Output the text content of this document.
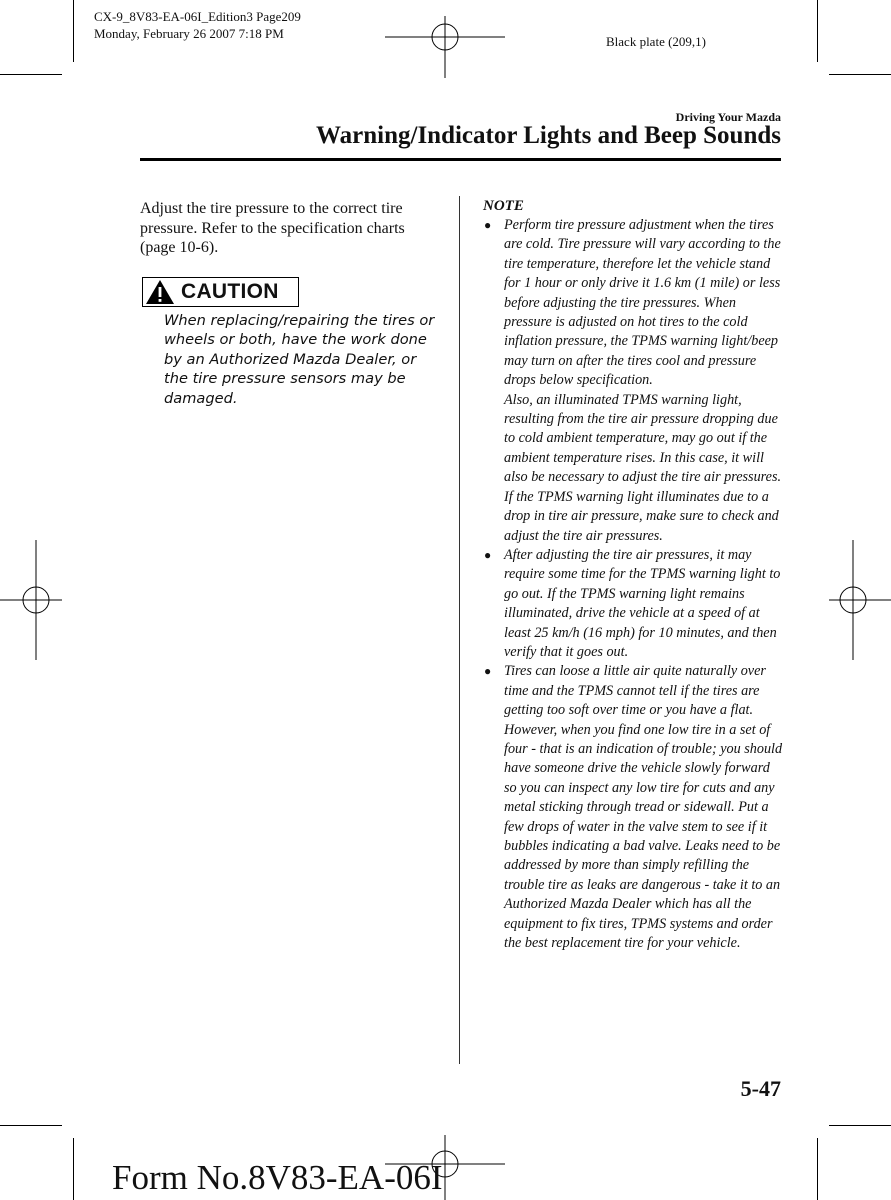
CX-9_8V83-EA-06I_Edition3 Page209
Monday, February 26 2007 7:18 PM
Black plate (209,1)
Driving Your Mazda
Warning/Indicator Lights and Beep Sounds
Adjust the tire pressure to the correct tire pressure. Refer to the specification charts (page 10-6).
CAUTION
When replacing/repairing the tires or wheels or both, have the work done by an Authorized Mazda Dealer, or the tire pressure sensors may be damaged.
NOTE
● Perform tire pressure adjustment when the tires are cold. Tire pressure will vary according to the tire temperature, therefore let the vehicle stand for 1 hour or only drive it 1.6 km (1 mile) or less before adjusting the tire pressures. When pressure is adjusted on hot tires to the cold inflation pressure, the TPMS warning light/beep may turn on after the tires cool and pressure drops below specification.

Also, an illuminated TPMS warning light, resulting from the tire air pressure dropping due to cold ambient temperature, may go out if the ambient temperature rises. In this case, it will also be necessary to adjust the tire air pressures. If the TPMS warning light illuminates due to a drop in tire air pressure, make sure to check and adjust the tire air pressures.

● After adjusting the tire air pressures, it may require some time for the TPMS warning light to go out. If the TPMS warning light remains illuminated, drive the vehicle at a speed of at least 25 km/h (16 mph) for 10 minutes, and then verify that it goes out.

● Tires can loose a little air quite naturally over time and the TPMS cannot tell if the tires are getting too soft over time or you have a flat. However, when you find one low tire in a set of four - that is an indication of trouble; you should have someone drive the vehicle slowly forward so you can inspect any low tire for cuts and any metal sticking through tread or sidewall. Put a few drops of water in the valve stem to see if it bubbles indicating a bad valve. Leaks need to be addressed by more than simply refilling the trouble tire as leaks are dangerous - take it to an Authorized Mazda Dealer which has all the equipment to fix tires, TPMS systems and order the best replacement tire for your vehicle.

5-47
Form No.8V83-EA-06I
